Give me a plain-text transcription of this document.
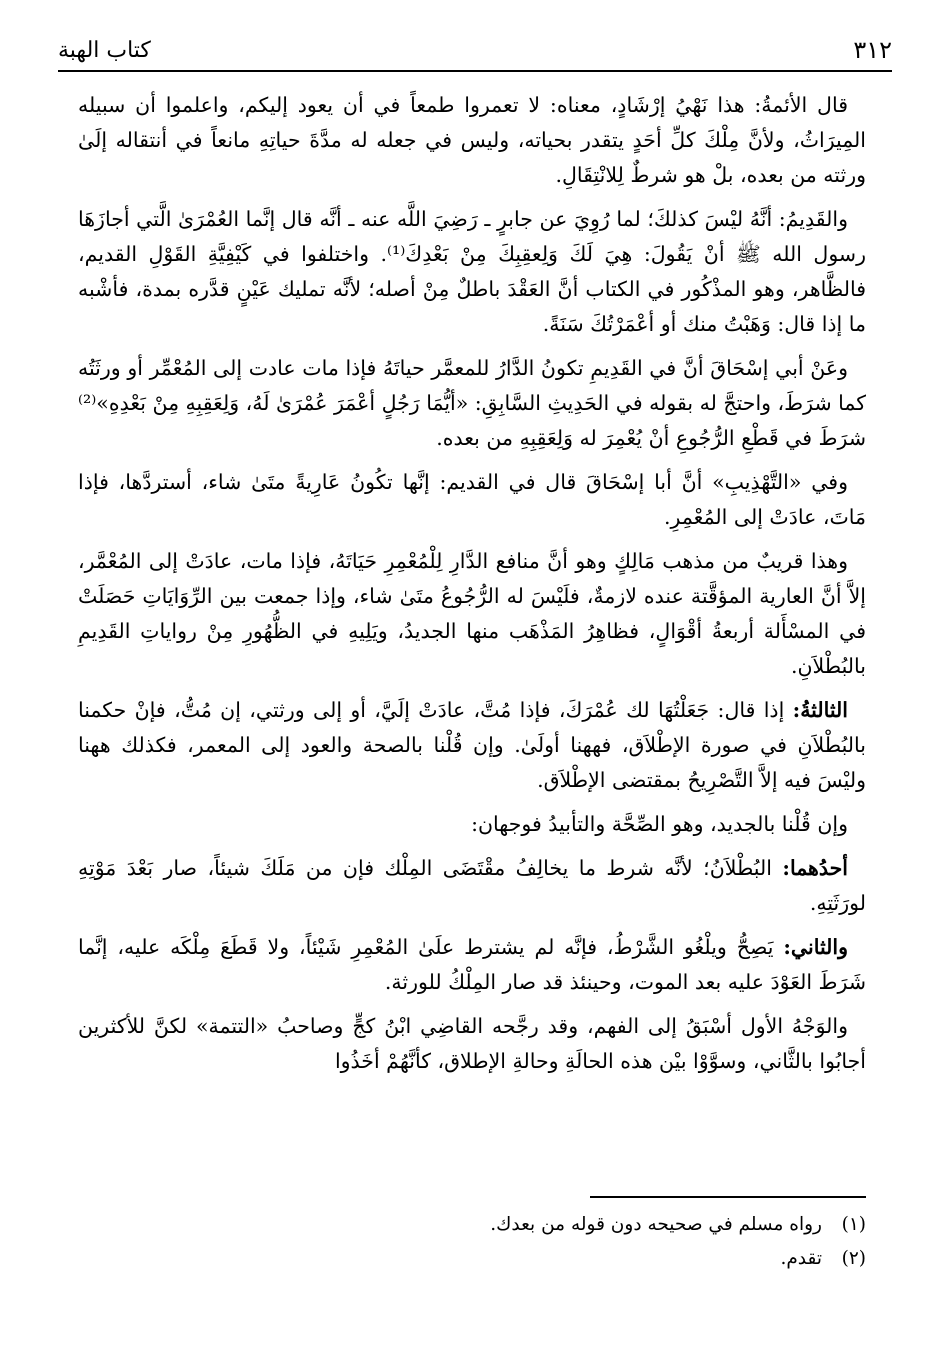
كتاب الهبة	٣١٢

قال الأئمةُ: هذا نَهْيُ إرْشَادٍ، معناه: لا تعمروا طمعاً في أن يعود إليكم، واعلموا أن سبيله المِيرَاثُ، ولأنَّ مِلْكَ كلِّ أحَدٍ يتقدر بحياته، وليس في جعله له مدَّةَ حياتِهِ مانعاً في أنتقاله إلَىٰ ورثته من بعده، بلْ هو شرطٌ لِلانْتِقَالِ.

والقَدِيمُ: أنَّهُ ليْسَ كذلكَ؛ لما رُوِيَ عن جابرٍ ـ رَضِيَ اللَّه عنه ـ أنَّه قال إنَّما العُمْرَىٰ الَّتي أجازَهَا رسول الله ﷺ أنْ يَقُولَ: هِيَ لَكَ وَلِعقِبِكَ مِنْ بَعْدِكَ⁽¹⁾. واختلفوا في كَيْفِيَّةِ القَوْلِ القديم، فالظَّاهر، وهو المذْكُور في الكتاب أنَّ العَقْدَ باطلٌ مِنْ أصله؛ لأنَّه تمليك عَيْنٍ قدَّره بمدة، فأشْبه ما إذا قال: وَهَبْتُ منك أو أعْمَرْتُكَ سَنَةً.

وعَنْ أبي إسْحَاقَ أنَّ في القَدِيمِ تكونُ الدَّارُ للمعمَّر حياتَهُ فإذا مات عادت إلى المُعْمِّر أو ورثَتُه كما شرَطَ، واحتجَّ له بقوله في الحَدِيثِ السَّابِقِ: «أيُّمَا رَجُلٍ أعْمَرَ عُمْرَىٰ لَهُ، وَلِعَقِبِهِ مِنْ بَعْدِهِ»⁽²⁾ شرَطَ في قَطْعِ الرُّجُوعِ أنْ يُعْمِرَ له وَلِعَقِبِهِ من بعده.

وفي «التَّهْذِيبِ» أنَّ أبا إسْحَاقَ قال في القديم: إنَّها تكُونُ عَارِيةً متَىٰ شاء، أستردَّها، فإذا مَاتَ، عادَتْ إلى المُعْمِرِ.

وهذا قريبٌ من مذهب مَالِكٍ وهو أنَّ منافع الدَّارِ لِلْمُعْمِرِ حَيَاتَهُ، فإذا مات، عادَتْ إلى المُعْمَّر، إلاَّ أنَّ العارية المؤقَّتة عنده لازمةٌ، فلَيْسَ له الرُّجُوعُ متَىٰ شاء، وإذا جمعت بين الرِّوَايَاتِ حَصَلَتْ في المسْأَلة أربعةُ أقْوَالٍ، فظاهِرُ المَذْهَب منها الجديدُ، ويَلِيهِ في الظُّهُورِ مِنْ رواياتِ القَدِيمِ بالبُطْلاَنِ.

الثالثةُ: إذا قال: جَعَلْتُهَا لك عُمْرَكَ، فإذا مُتَّ، عادَتْ إلَيَّ، أو إلى ورثتي، إن مُتُّ، فإنْ حكمنا بالبُطْلاَنِ في صورة الإطْلاَق، فههنا أولَىٰ. وإن قُلْنا بالصحة والعود إلى المعمر، فكذلك ههنا وليْسَ فيه إلاَّ التَّصْرِيحُ بمقتضى الإطْلاَق.

وإن قُلْنا بالجديد، وهو الصِّحَّة والتأبيدُ فوجهان:

أحدُهما: البُطْلاَنُ؛ لأنَّه شرط ما يخالِفُ مقْتَضَى المِلْك فإن من مَلَكَ شيئاً، صار بَعْدَ مَوْتِهِ لورَثَتِهِ.

والثاني: يَصِحُّ ويلْغُو الشَّرْطُ، فإنَّه لم يشترط علَىٰ المُعْمِرِ شَيْئاً، ولا قَطَعَ مِلْكَه عليه، إنَّما شَرَطَ العَوْدَ عليه بعد الموت، وحينئذ قد صار المِلْكُ للورثة.

والوَجْهُ الأول أسْبَقُ إلى الفهم، وقد رجَّحه القاضِي ابْنُ كجٍّ وصاحبُ «التتمة» لكنَّ للأكثرين أجابُوا بالثَّاني، وسوَّوْا بيْن هذه الحالَةِ وحالةِ الإطلاق، كأنَّهُمْ أخَذُوا

(١)رواه مسلم في صحيحه دون قوله من بعدك.
(٢)تقدم.
